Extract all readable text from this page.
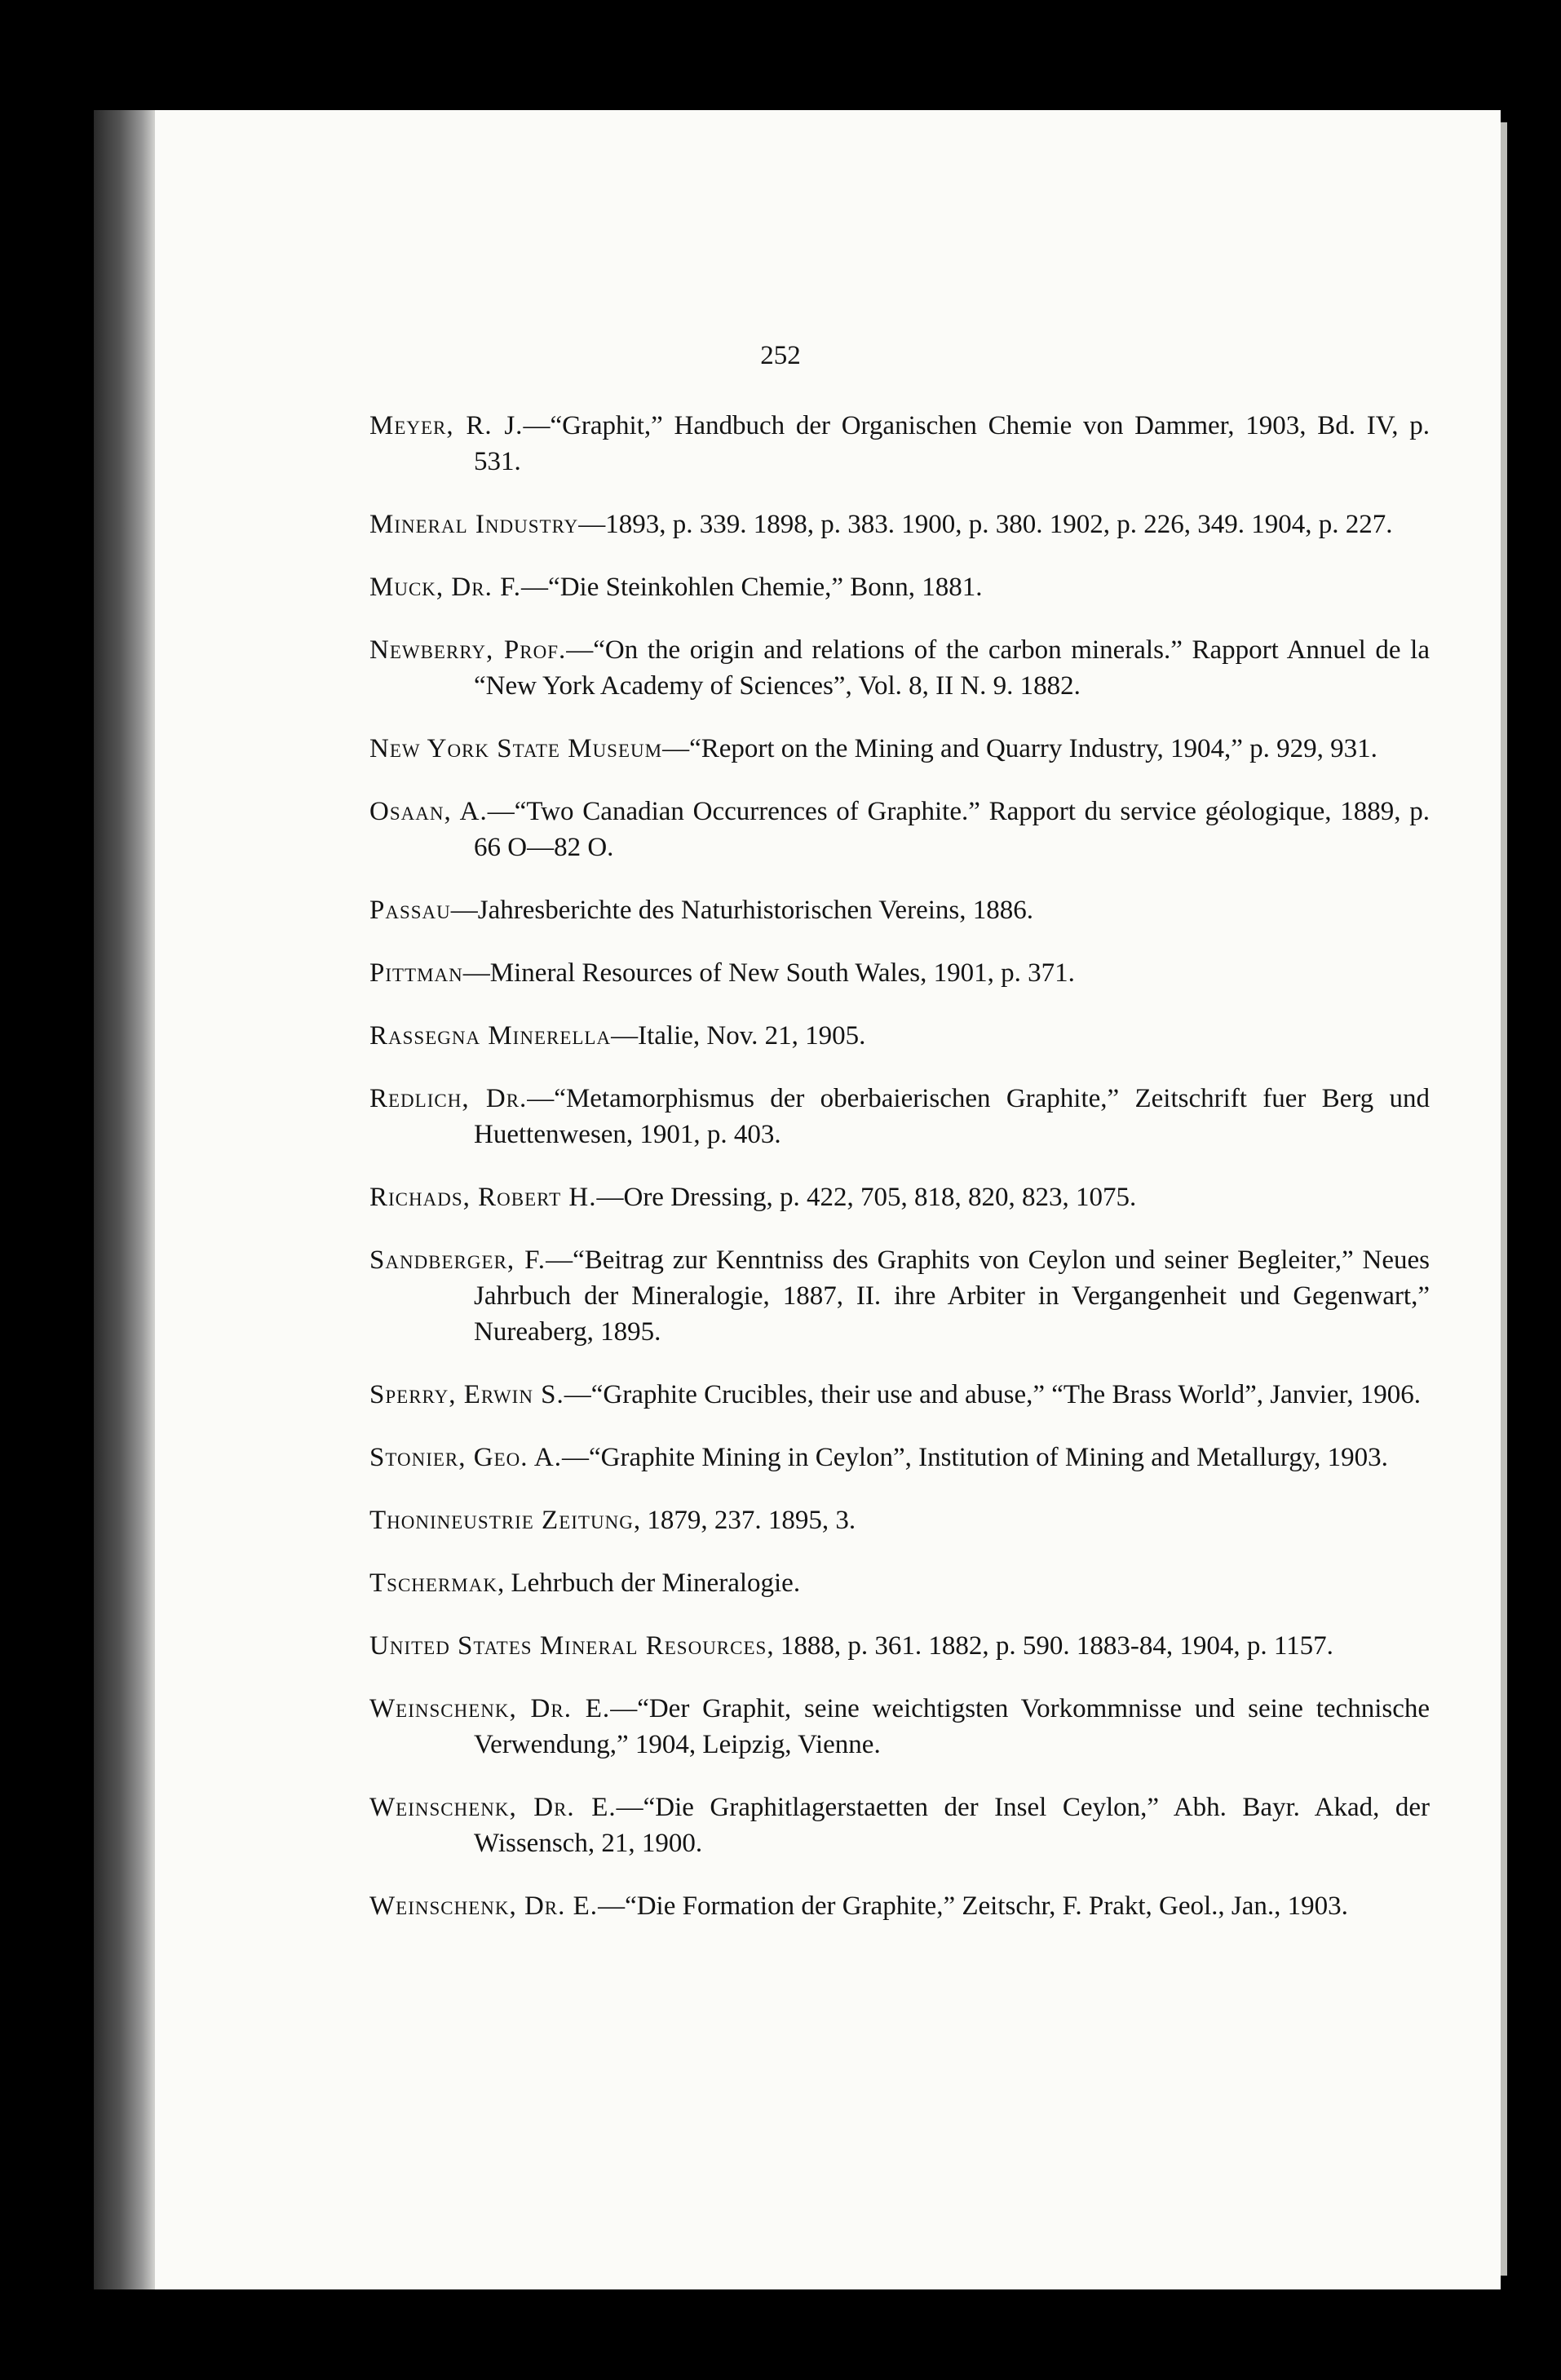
252

Meyer, R. J.—“Graphit,” Handbuch der Organischen Chemie von Dammer, 1903, Bd. IV, p. 531.

Mineral Industry—1893, p. 339. 1898, p. 383. 1900, p. 380. 1902, p. 226, 349. 1904, p. 227.

Muck, Dr. F.—“Die Steinkohlen Chemie,” Bonn, 1881.

Newberry, Prof.—“On the origin and relations of the carbon minerals.” Rapport Annuel de la “New York Academy of Sciences”, Vol. 8, II N. 9. 1882.

New York State Museum—“Report on the Mining and Quarry Industry, 1904,” p. 929, 931.

Osaan, A.—“Two Canadian Occurrences of Graphite.” Rapport du service géologique, 1889, p. 66 O—82 O.

Passau—Jahresberichte des Naturhistorischen Vereins, 1886.

Pittman—Mineral Resources of New South Wales, 1901, p. 371.

Rassegna Minerella—Italie, Nov. 21, 1905.

Redlich, Dr.—“Metamorphismus der oberbaierischen Graphite,” Zeitschrift fuer Berg und Huettenwesen, 1901, p. 403.

Richads, Robert H.—Ore Dressing, p. 422, 705, 818, 820, 823, 1075.

Sandberger, F.—“Beitrag zur Kenntniss des Graphits von Ceylon und seiner Begleiter,” Neues Jahrbuch der Mineralogie, 1887, II. ihre Arbiter in Vergangenheit und Gegenwart,” Nureaberg, 1895.

Sperry, Erwin S.—“Graphite Crucibles, their use and abuse,” “The Brass World”, Janvier, 1906.

Stonier, Geo. A.—“Graphite Mining in Ceylon”, Institution of Mining and Metallurgy, 1903.

Thonineustrie Zeitung, 1879, 237. 1895, 3.

Tschermak, Lehrbuch der Mineralogie.

United States Mineral Resources, 1888, p. 361. 1882, p. 590. 1883-84, 1904, p. 1157.

Weinschenk, Dr. E.—“Der Graphit, seine weichtigsten Vorkommnisse und seine technische Verwendung,” 1904, Leipzig, Vienne.

Weinschenk, Dr. E.—“Die Graphitlagerstaetten der Insel Ceylon,” Abh. Bayr. Akad, der Wissensch, 21, 1900.

Weinschenk, Dr. E.—“Die Formation der Graphite,” Zeitschr, F. Prakt, Geol., Jan., 1903.
